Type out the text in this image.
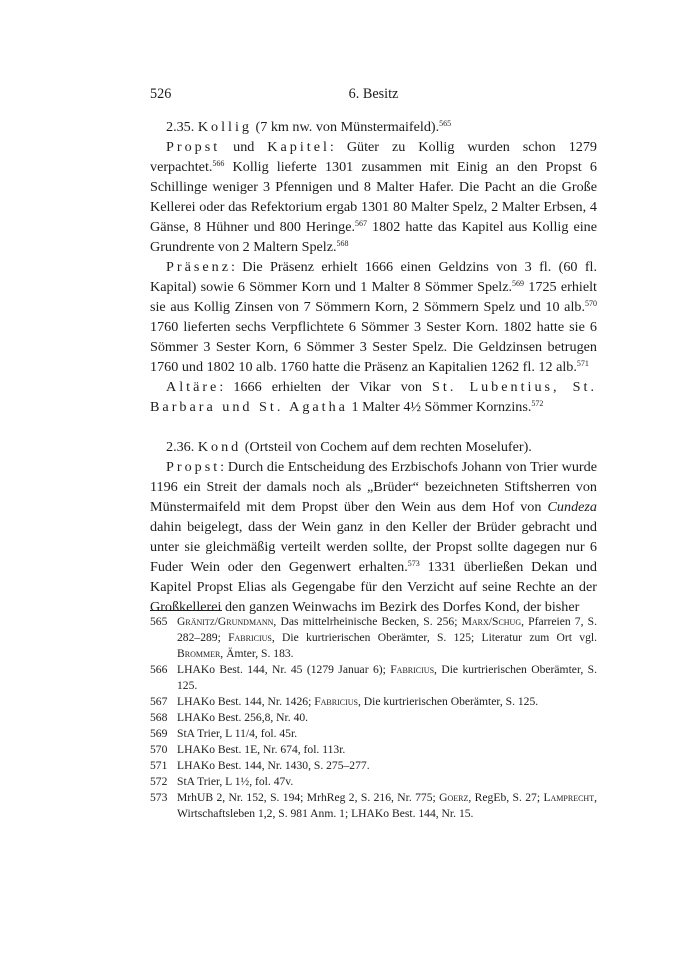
526	6. Besitz

2.35. Kollig (7 km nw. von Münstermaifeld).$^{565}$

Propst und Kapitel: Güter zu Kollig wurden schon 1279 verpachtet.$^{566}$ Kollig lieferte 1301 zusammen mit Einig an den Propst 6 Schillinge weniger 3 Pfennigen und 8 Malter Hafer. Die Pacht an die Große Kellerei oder das Refektorium ergab 1301 80 Malter Spelz, 2 Malter Erbsen, 4 Gänse, 8 Hühner und 800 Heringe.$^{567}$ 1802 hatte das Kapitel aus Kollig eine Grundrente von 2 Maltern Spelz.$^{568}$

Präsenz: Die Präsenz erhielt 1666 einen Geldzins von 3 fl. (60 fl. Kapital) sowie 6 Sömmer Korn und 1 Malter 8 Sömmer Spelz.$^{569}$ 1725 erhielt sie aus Kollig Zinsen von 7 Sömmern Korn, 2 Sömmern Spelz und 10 alb.$^{570}$ 1760 lieferten sechs Verpflichtete 6 Sömmer 3 Sester Korn. 1802 hatte sie 6 Sömmer 3 Sester Korn, 6 Sömmer 3 Sester Spelz. Die Geldzinsen betrugen 1760 und 1802 10 alb. 1760 hatte die Präsenz an Kapitalien 1262 fl. 12 alb.$^{571}$

Altäre: 1666 erhielten der Vikar von St. Lubentius, St. Barbara und St. Agatha 1 Malter 4½ Sömmer Kornzins.$^{572}$

2.36. Kond (Ortsteil von Cochem auf dem rechten Moselufer).

Propst: Durch die Entscheidung des Erzbischofs Johann von Trier wurde 1196 ein Streit der damals noch als „Brüder“ bezeichneten Stiftsherren von Münstermaifeld mit dem Propst über den Wein aus dem Hof von Cundeza dahin beigelegt, dass der Wein ganz in den Keller der Brüder gebracht und unter sie gleichmäßig verteilt werden sollte, der Propst sollte dagegen nur 6 Fuder Wein oder den Gegenwert erhalten.$^{573}$ 1331 überließen Dekan und Kapitel Propst Elias als Gegengabe für den Verzicht auf seine Rechte an der Großkellerei den ganzen Weinwachs im Bezirk des Dorfes Kond, der bisher

565 Gränitz/Grundmann, Das mittelrheinische Becken, S. 256; Marx/Schug, Pfarreien 7, S. 282–289; Fabricius, Die kurtrierischen Oberämter, S. 125; Literatur zum Ort vgl. Brommer, Ämter, S. 183.
566 LHAKo Best. 144, Nr. 45 (1279 Januar 6); Fabricius, Die kurtrierischen Oberämter, S. 125.
567 LHAKo Best. 144, Nr. 1426; Fabricius, Die kurtrierischen Oberämter, S. 125.
568 LHAKo Best. 256,8, Nr. 40.
569 StA Trier, L 11/4, fol. 45r.
570 LHAKo Best. 1E, Nr. 674, fol. 113r.
571 LHAKo Best. 144, Nr. 1430, S. 275–277.
572 StA Trier, L 1½, fol. 47v.
573 MrhUB 2, Nr. 152, S. 194; MrhReg 2, S. 216, Nr. 775; Goerz, RegEb, S. 27; Lamprecht, Wirtschaftsleben 1,2, S. 981 Anm. 1; LHAKo Best. 144, Nr. 15.
